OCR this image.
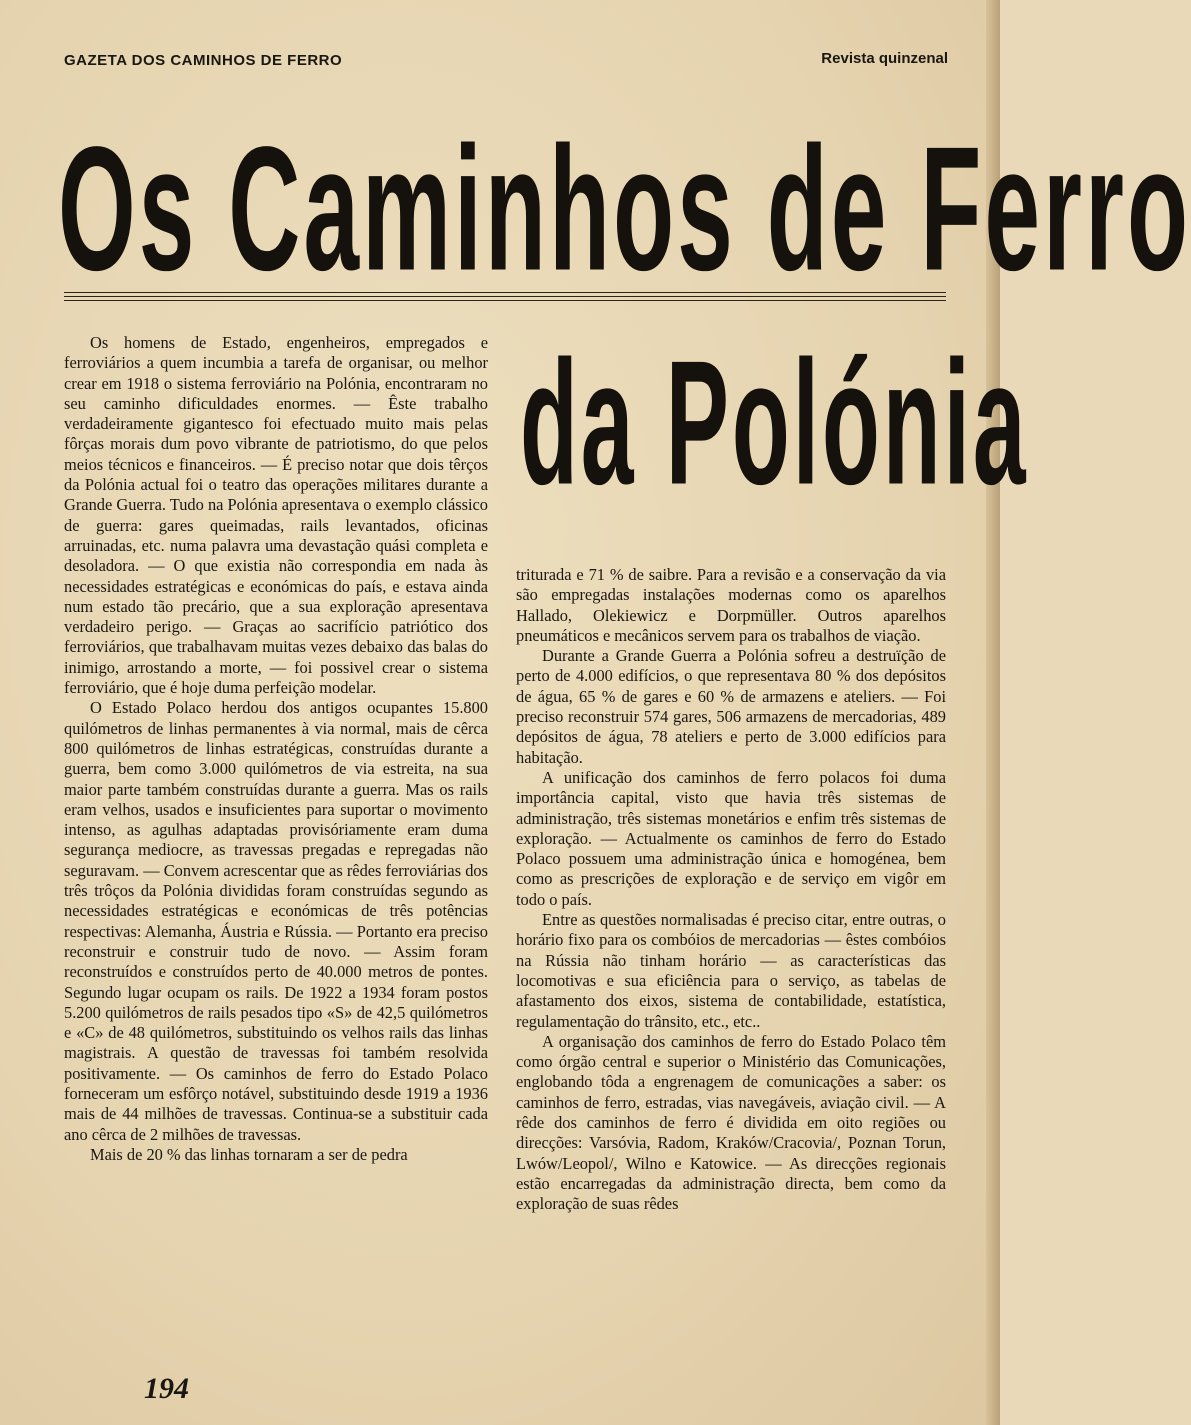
GAZETA DOS CAMINHOS DE FERRO	Revista quinzenal
Os Caminhos de Ferro
da Polónia

Os homens de Estado, engenheiros, empregados e ferroviários a quem incumbia a tarefa de organisar, ou melhor crear em 1918 o sistema ferroviário na Polónia, encontraram no seu caminho dificuldades enormes. — Êste trabalho verdadeiramente gigantesco foi efectuado muito mais pelas fôrças morais dum povo vibrante de patriotismo, do que pelos meios técnicos e financeiros. — É preciso notar que dois têrços da Polónia actual foi o teatro das operações militares durante a Grande Guerra. Tudo na Polónia apresentava o exemplo clássico de guerra: gares queimadas, rails levantados, oficinas arruinadas, etc. numa palavra uma devastação quási completa e desoladora. — O que existia não correspondia em nada às necessidades estratégicas e económicas do país, e estava ainda num estado tão precário, que a sua exploração apresentava verdadeiro perigo. — Graças ao sacrifício patriótico dos ferroviários, que trabalhavam muitas vezes debaixo das balas do inimigo, arrostando a morte, — foi possivel crear o sistema ferroviário, que é hoje duma perfeição modelar.

O Estado Polaco herdou dos antigos ocupantes 15.800 quilómetros de linhas permanentes à via normal, mais de cêrca 800 quilómetros de linhas estratégicas, construídas durante a guerra, bem como 3.000 quilómetros de via estreita, na sua maior parte também construídas durante a guerra. Mas os rails eram velhos, usados e insuficientes para suportar o movimento intenso, as agulhas adaptadas provisóriamente eram duma segurança mediocre, as travessas pregadas e repregadas não seguravam. — Convem acrescentar que as rêdes ferroviárias dos três trôços da Polónia divididas foram construídas segundo as necessidades estratégicas e económicas de três potências respectivas: Alemanha, Áustria e Rússia. — Portanto era preciso reconstruir e construir tudo de novo. — Assim foram reconstruídos e construídos perto de 40.000 metros de pontes. Segundo lugar ocupam os rails. De 1922 a 1934 foram postos 5.200 quilómetros de rails pesados tipo «S» de 42,5 quilómetros e «C» de 48 quilómetros, substituindo os velhos rails das linhas magistrais. A questão de travessas foi também resolvida positivamente. — Os caminhos de ferro do Estado Polaco forneceram um esfôrço notável, substituindo desde 1919 a 1936 mais de 44 milhões de travessas. Continua-se a substituir cada ano cêrca de 2 milhões de travessas.

Mais de 20 % das linhas tornaram a ser de pedra

triturada e 71 % de saibre. Para a revisão e a conservação da via são empregadas instalações modernas como os aparelhos Hallado, Olekiewicz e Dorpmüller. Outros aparelhos pneumáticos e mecânicos servem para os trabalhos de viação.

Durante a Grande Guerra a Polónia sofreu a destruïção de perto de 4.000 edifícios, o que representava 80 % dos depósitos de água, 65 % de gares e 60 % de armazens e ateliers. — Foi preciso reconstruir 574 gares, 506 armazens de mercadorias, 489 depósitos de água, 78 ateliers e perto de 3.000 edifícios para habitação.

A unificação dos caminhos de ferro polacos foi duma importância capital, visto que havia três sistemas de administração, três sistemas monetários e enfim três sistemas de exploração. — Actualmente os caminhos de ferro do Estado Polaco possuem uma administração única e homogénea, bem como as prescrições de exploração e de serviço em vigôr em todo o país.

Entre as questões normalisadas é preciso citar, entre outras, o horário fixo para os combóios de mercadorias — êstes combóios na Rússia não tinham horário — as características das locomotivas e sua eficiência para o serviço, as tabelas de afastamento dos eixos, sistema de contabilidade, estatística, regulamentação do trânsito, etc., etc..

A organisação dos caminhos de ferro do Estado Polaco têm como órgão central e superior o Ministério das Comunicações, englobando tôda a engrenagem de comunicações a saber: os caminhos de ferro, estradas, vias navegáveis, aviação civil. — A rêde dos caminhos de ferro é dividida em oito regiões ou direcções: Varsóvia, Radom, Kraków/Cracovia/, Poznan Torun, Lwów/Leopol/, Wilno e Katowice. — As direcções regionais estão encarregadas da administração directa, bem como da exploração de suas rêdes

194
